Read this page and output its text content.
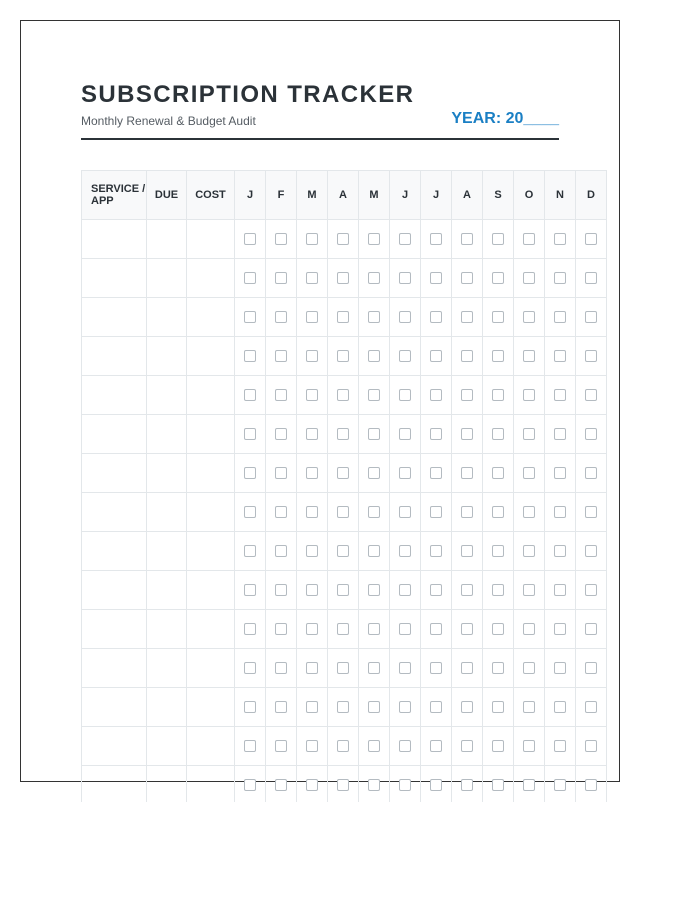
SUBSCRIPTION TRACKER
Monthly Renewal & Budget Audit	YEAR: 20____
SERVICE / APP	DUE	COST	J	F	M	A	M	J	J	A	S	O	N	D
